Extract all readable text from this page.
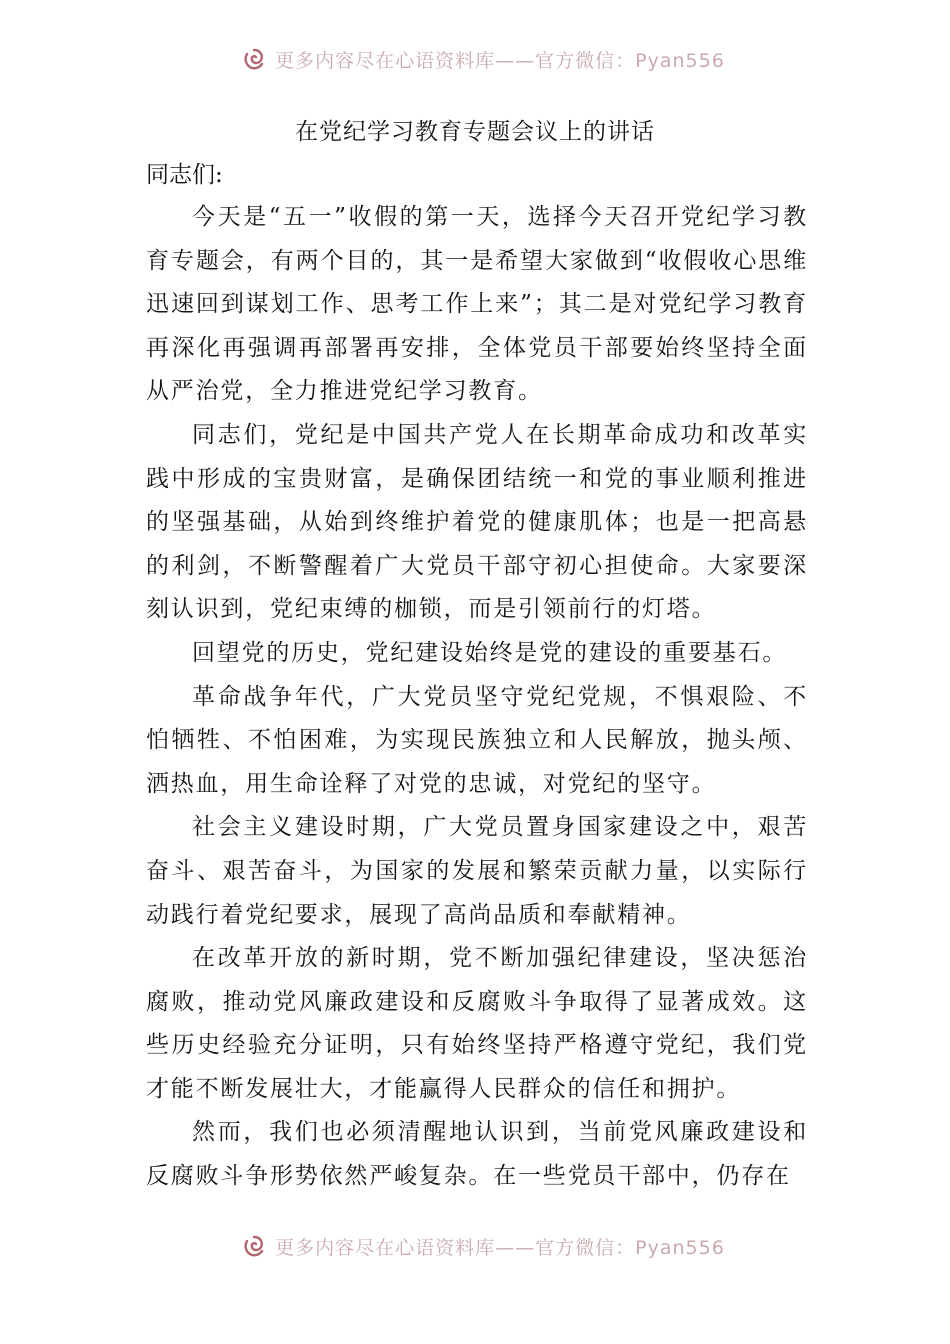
更多内容尽在心语资料库——官方微信：Pyan556
在党纪学习教育专题会议上的讲话

同志们:

今天是“五一”收假的第一天，选择今天召开党纪学习教育专题会，有两个目的，其一是希望大家做到“收假收心思维迅速回到谋划工作、思考工作上来”；其二是对党纪学习教育再深化再强调再部署再安排，全体党员干部要始终坚持全面从严治党，全力推进党纪学习教育。

同志们，党纪是中国共产党人在长期革命成功和改革实践中形成的宝贵财富，是确保团结统一和党的事业顺利推进的坚强基础，从始到终维护着党的健康肌体；也是一把高悬的利剑，不断警醒着广大党员干部守初心担使命。大家要深刻认识到，党纪束缚的枷锁，而是引领前行的灯塔。

回望党的历史，党纪建设始终是党的建设的重要基石。

革命战争年代，广大党员坚守党纪党规，不惧艰险、不怕牺牲、不怕困难，为实现民族独立和人民解放，抛头颅、洒热血，用生命诠释了对党的忠诚，对党纪的坚守。

社会主义建设时期，广大党员置身国家建设之中，艰苦奋斗、艰苦奋斗，为国家的发展和繁荣贡献力量，以实际行动践行着党纪要求，展现了高尚品质和奉献精神。

在改革开放的新时期，党不断加强纪律建设，坚决惩治腐败，推动党风廉政建设和反腐败斗争取得了显著成效。这些历史经验充分证明，只有始终坚持严格遵守党纪，我们党才能不断发展壮大，才能赢得人民群众的信任和拥护。

然而，我们也必须清醒地认识到，当前党风廉政建设和反腐败斗争形势依然严峻复杂。在一些党员干部中，仍存在

更多内容尽在心语资料库——官方微信：Pyan556
